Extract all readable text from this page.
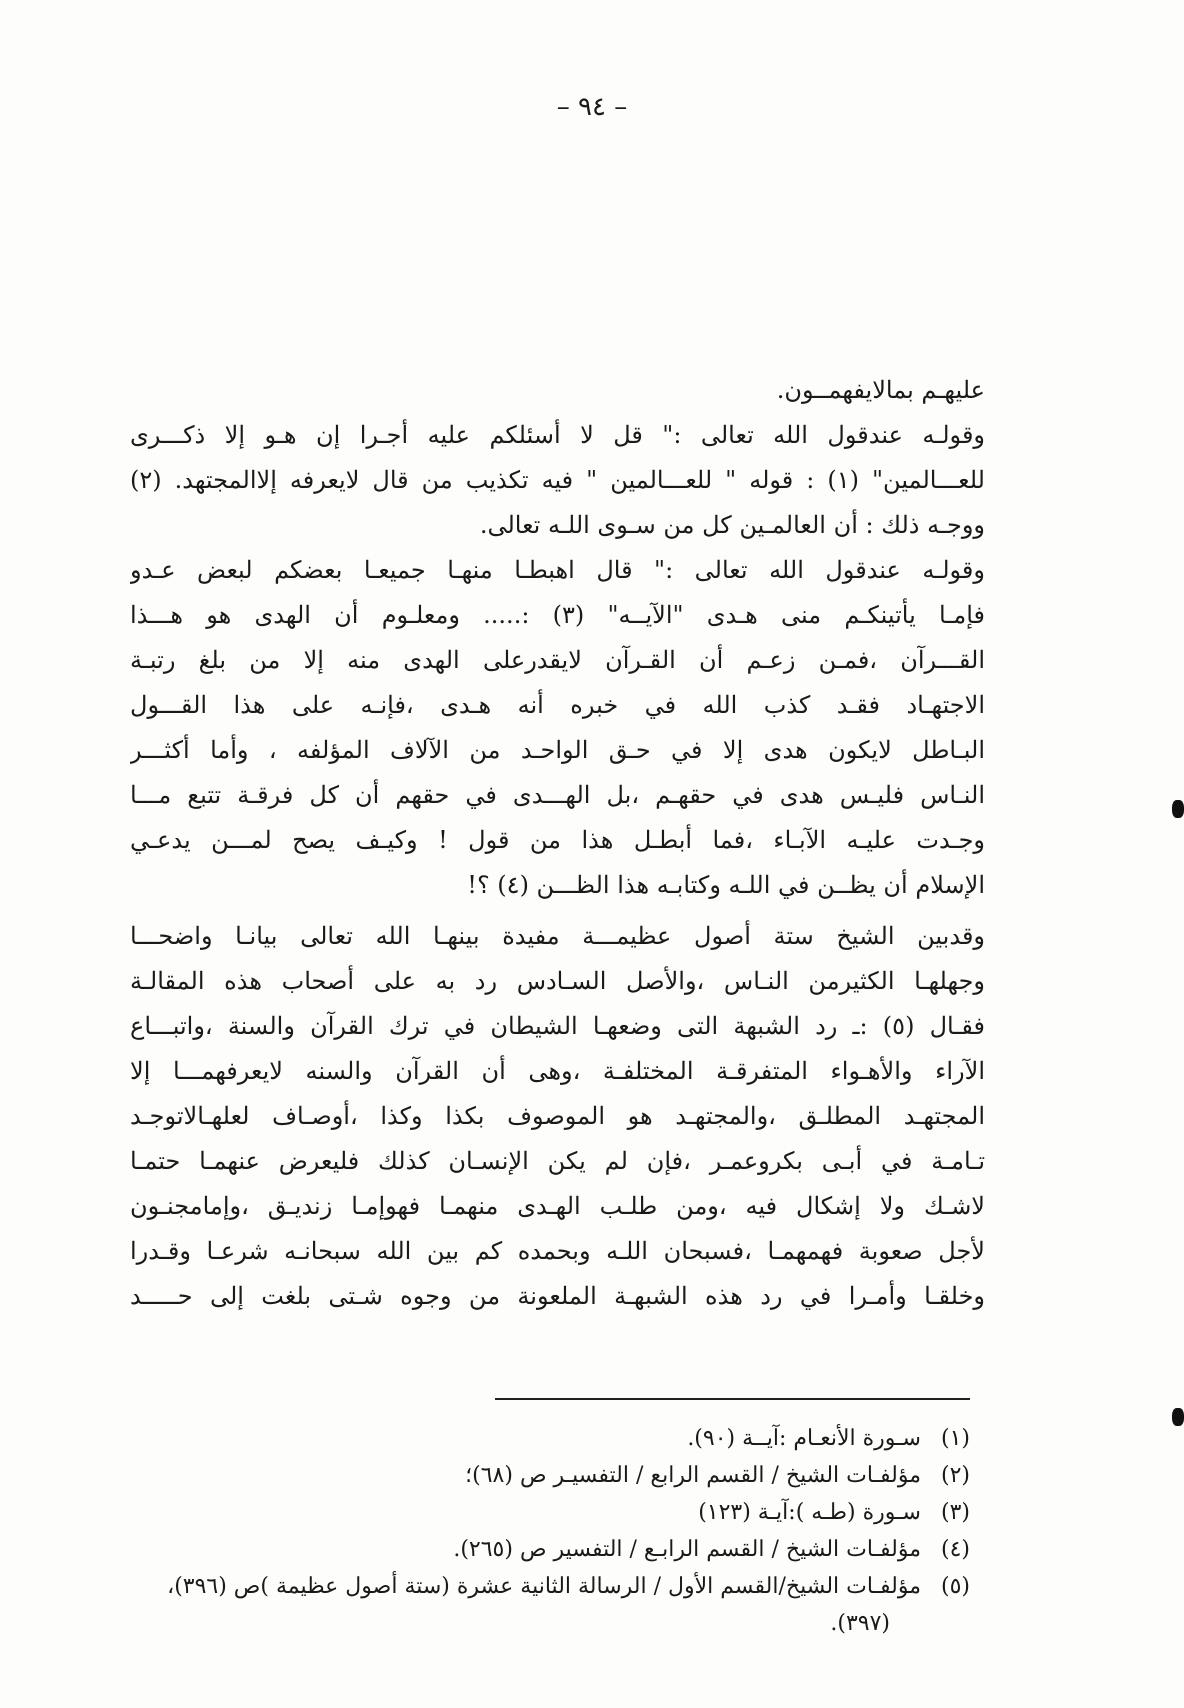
– ٩٤ –
عليهـم بمالايفهمــون.
وقولـه عندقول الله تعالى :" قل لا أسئلكم عليه أجـرا إن هـو إلا ذكـــرى
للعـــالمين" (١) : قوله " للعـــالمين " فيه تكذيب من قال لايعرفه إلاالمجتهد. (٢)
ووجـه ذلك : أن العالمـين كل من سـوى اللـه تعالى.
وقولـه عندقول الله تعالى :" قال اهبطـا منهـا جميعـا بعضكم لبعض عـدو
فإمـا يأتينكـم منى هـدى "الآيــه" (٣) :..... ومعلـوم أن الهدى هو هـــذا
القـــرآن ،فمـن زعـم أن القـرآن لايقدرعلى الهدى منه إلا من بلغ رتبـة
الاجتهـاد فقـد كذب الله في خبره أنه هـدى ،فإنـه على هذا القـــول
البـاطل لايكون هدى إلا في حـق الواحـد من الآلاف المؤلفه ، وأما أكثـــر
النـاس فليـس هدى في حقهـم ،بل الهـــدى في حقهم أن كل فرقـة تتبع مـــا
وجـدت عليـه الآبـاء ،فما أبطـل هذا من قول ! وكيـف يصح لمـــن يدعـي
الإسلام أن يظــن في اللـه وكتابـه هذا الظـــن (٤) ؟!
وقدبين الشيخ ستة أصول عظيمـــة مفيدة بينهـا الله تعالى بيانـا واضحـــا
وجهلهـا الكثيرمن النـاس ،والأصل السـادس رد به على أصحاب هذه المقالـة
فقـال (٥) :ـ رد الشبهة التى وضعهـا الشيطان في ترك القرآن والسنة ،واتبـــاع
الآراء والأهـواء المتفرقـة المختلفـة ،وهى أن القرآن والسنه لايعرفهمـــا إلا
المجتهـد المطلـق ،والمجتهـد هو الموصوف بكذا وكذا ،أوصـاف لعلهـالاتوجـد
تـامـة في أبـى بكروعمـر ،فإن لم يكن الإنسـان كذلك فليعرض عنهمـا حتمـا
لاشـك ولا إشكال فيه ،ومن طلـب الهـدى منهمـا فهوإمـا زنديـق ،وإمامجنـون
لأجل صعوبة فهمهمـا ،فسبحان اللـه وبحمده كم بين الله سبحانـه شرعـا وقـدرا
وخلقـا وأمـرا في رد هذه الشبهـة الملعونة من وجوه شـتى بلغت إلى حـــــد
(١) سـورة الأنعـام :آيــة (٩٠).
(٢) مؤلفـات الشيخ / القسم الرابع / التفسيـر ص (٦٨)؛
(٣) سـورة (طـه ):آيـة (١٢٣)
(٤) مؤلفـات الشيخ / القسم الرابـع / التفسير ص (٢٦٥).
(٥) مؤلفـات الشيخ/القسم الأول / الرسالة الثانية عشرة (ستة أصول عظيمة )ص (٣٩٦)،
(٣٩٧).
